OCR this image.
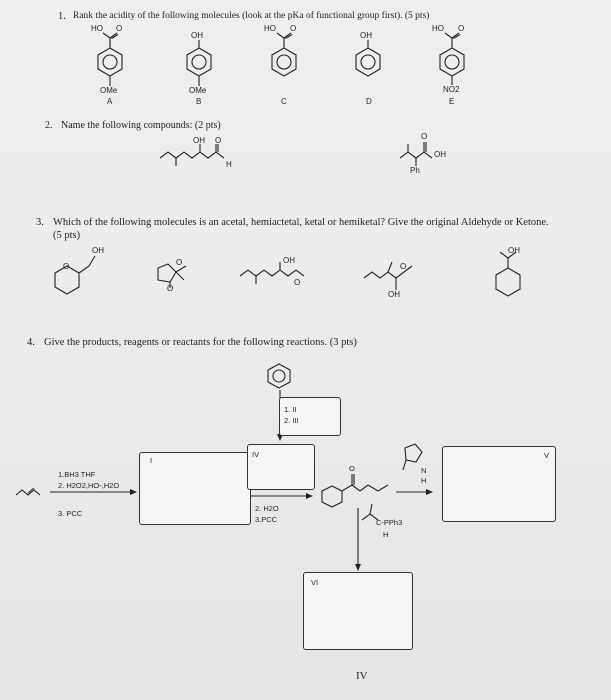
1. Rank the acidity of the following molecules (look at the pKa of functional group first). (5 pts)
HO O
OH
HO O
OH
HO O
OMe	OMe	NO2
A	B	C	D	E
2. Name the following compounds: (2 pts)
OH O
H
O
OH
Ph
3. Which of the following molecules is an acetal, hemiactetal, ketal or hemiketal? Give the original Aldehyde or Ketone.
(5 pts)
OH
O	O
O
OH
O
OH
O
OH
4. Give the products, reagents or reactants for the following reactions. (3 pts)
I
IV	V
VI
1. II
2. III
1.BH3 THF
2. H2O2,HO-,H2O
3. PCC
2. H2O
3.PCC
O	N
H
C-PPh3
H
IV
